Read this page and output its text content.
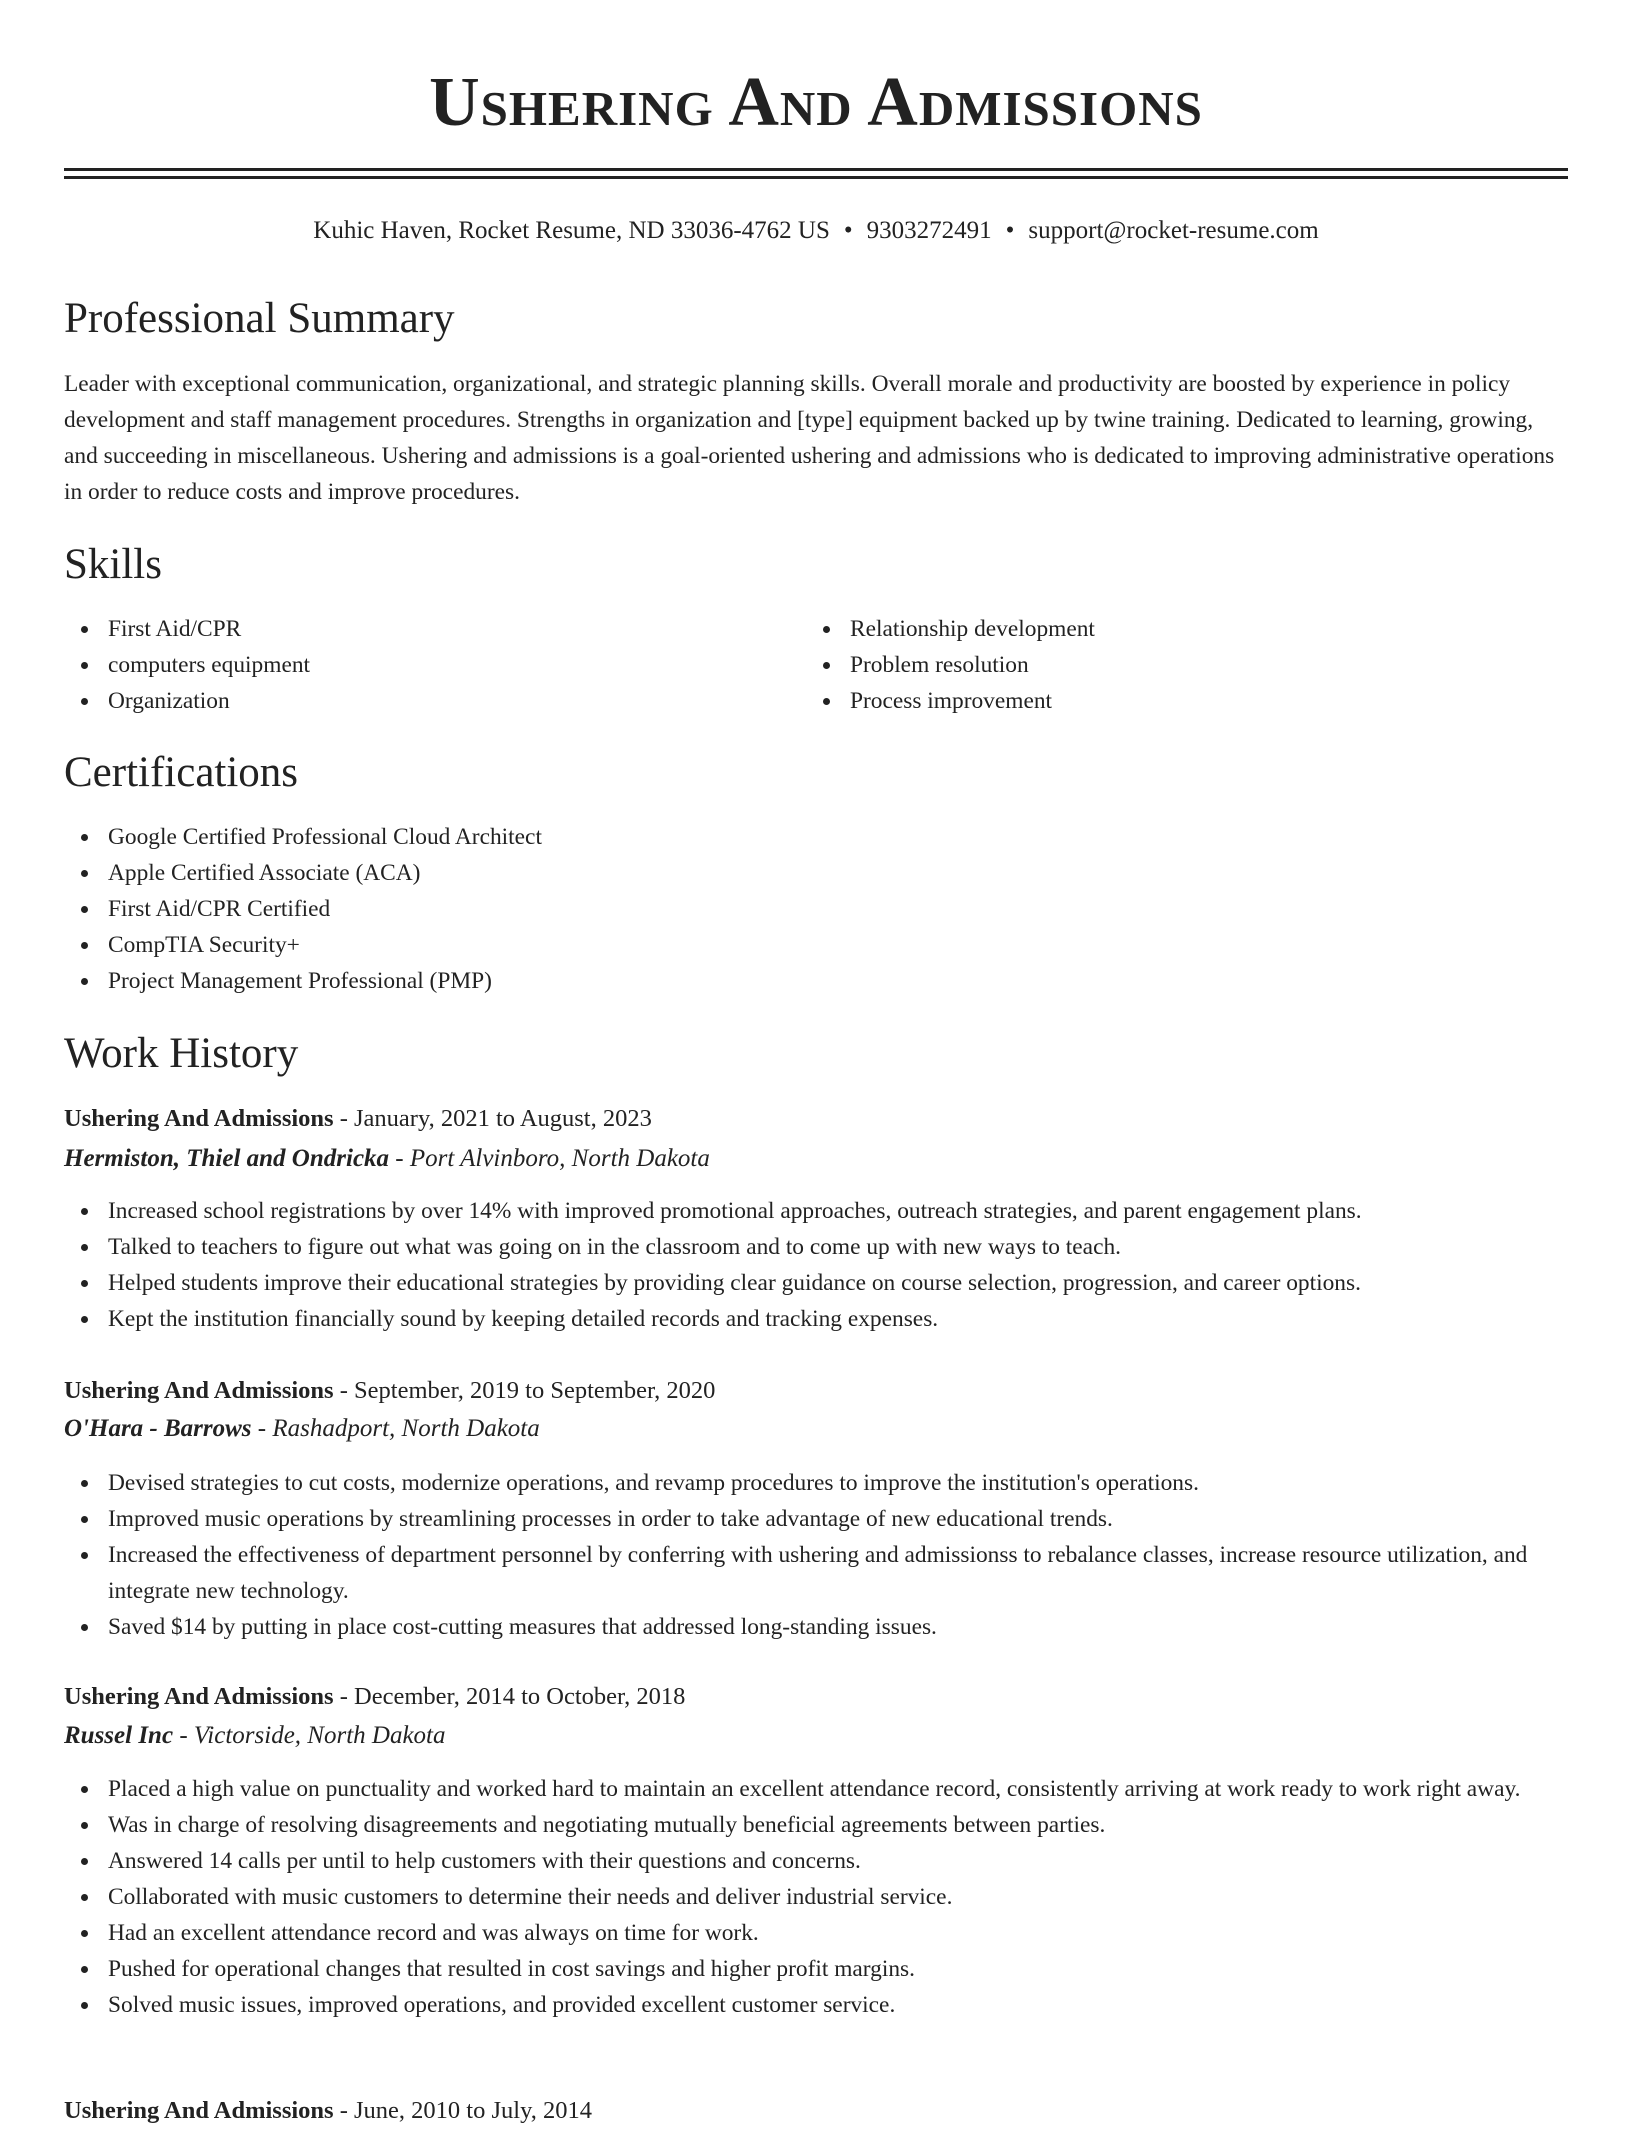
Ushering And Admissions
Kuhic Haven, Rocket Resume, ND 33036-4762 US • 9303272491 • support@rocket-resume.com
Professional Summary

Leader with exceptional communication, organizational, and strategic planning skills. Overall morale and productivity are boosted by experience in policy development and staff management procedures. Strengths in organization and [type] equipment backed up by twine training. Dedicated to learning, growing, and succeeding in miscellaneous. Ushering and admissions is a goal-oriented ushering and admissions who is dedicated to improving administrative operations in order to reduce costs and improve procedures.

Skills
First Aid/CPR
computers equipment
Organization
Relationship development
Problem resolution
Process improvement
Certifications
Google Certified Professional Cloud Architect
Apple Certified Associate (ACA)
First Aid/CPR Certified
CompTIA Security+
Project Management Professional (PMP)
Work History
Ushering And Admissions - January, 2021 to August, 2023
Hermiston, Thiel and Ondricka - Port Alvinboro, North Dakota
Increased school registrations by over 14% with improved promotional approaches, outreach strategies, and parent engagement plans.
Talked to teachers to figure out what was going on in the classroom and to come up with new ways to teach.
Helped students improve their educational strategies by providing clear guidance on course selection, progression, and career options.
Kept the institution financially sound by keeping detailed records and tracking expenses.
Ushering And Admissions - September, 2019 to September, 2020
O'Hara - Barrows - Rashadport, North Dakota
Devised strategies to cut costs, modernize operations, and revamp procedures to improve the institution's operations.
Improved music operations by streamlining processes in order to take advantage of new educational trends.
Increased the effectiveness of department personnel by conferring with ushering and admissionss to rebalance classes, increase resource utilization, and integrate new technology.
Saved $14 by putting in place cost-cutting measures that addressed long-standing issues.
Ushering And Admissions - December, 2014 to October, 2018
Russel Inc - Victorside, North Dakota
Placed a high value on punctuality and worked hard to maintain an excellent attendance record, consistently arriving at work ready to work right away.
Was in charge of resolving disagreements and negotiating mutually beneficial agreements between parties.
Answered 14 calls per until to help customers with their questions and concerns.
Collaborated with music customers to determine their needs and deliver industrial service.
Had an excellent attendance record and was always on time for work.
Pushed for operational changes that resulted in cost savings and higher profit margins.
Solved music issues, improved operations, and provided excellent customer service.
Ushering And Admissions - June, 2010 to July, 2014
